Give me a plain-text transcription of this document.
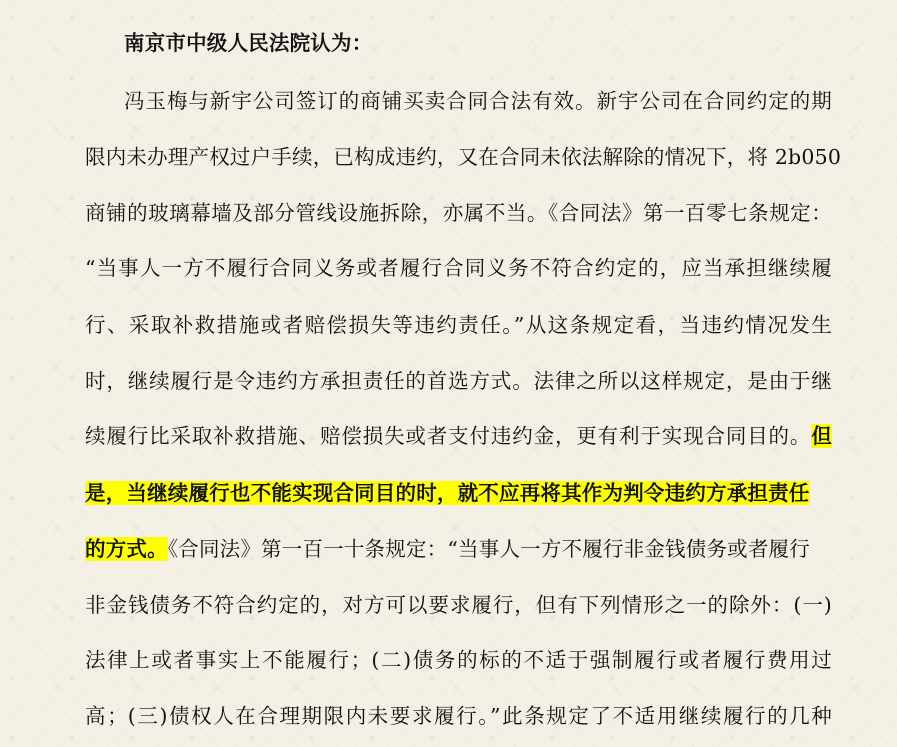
南京市中级人民法院认为：
冯玉梅与新宇公司签订的商铺买卖合同合法有效。新宇公司在合同约定的期
限内未办理产权过户手续，已构成违约，又在合同未依法解除的情况下，将 2b050
商铺的玻璃幕墙及部分管线设施拆除，亦属不当。《合同法》第一百零七条规定：
“当事人一方不履行合同义务或者履行合同义务不符合约定的，应当承担继续履
行、采取补救措施或者赔偿损失等违约责任。”从这条规定看，当违约情况发生
时，继续履行是令违约方承担责任的首选方式。法律之所以这样规定，是由于继
续履行比采取补救措施、赔偿损失或者支付违约金，更有利于实现合同目的。但
是，当继续履行也不能实现合同目的时，就不应再将其作为判令违约方承担责任
的方式。《合同法》第一百一十条规定：“当事人一方不履行非金钱债务或者履行
非金钱债务不符合约定的，对方可以要求履行，但有下列情形之一的除外：(一)
法律上或者事实上不能履行；(二)债务的标的不适于强制履行或者履行费用过
高；(三)债权人在合理期限内未要求履行。”此条规定了不适用继续履行的几种
